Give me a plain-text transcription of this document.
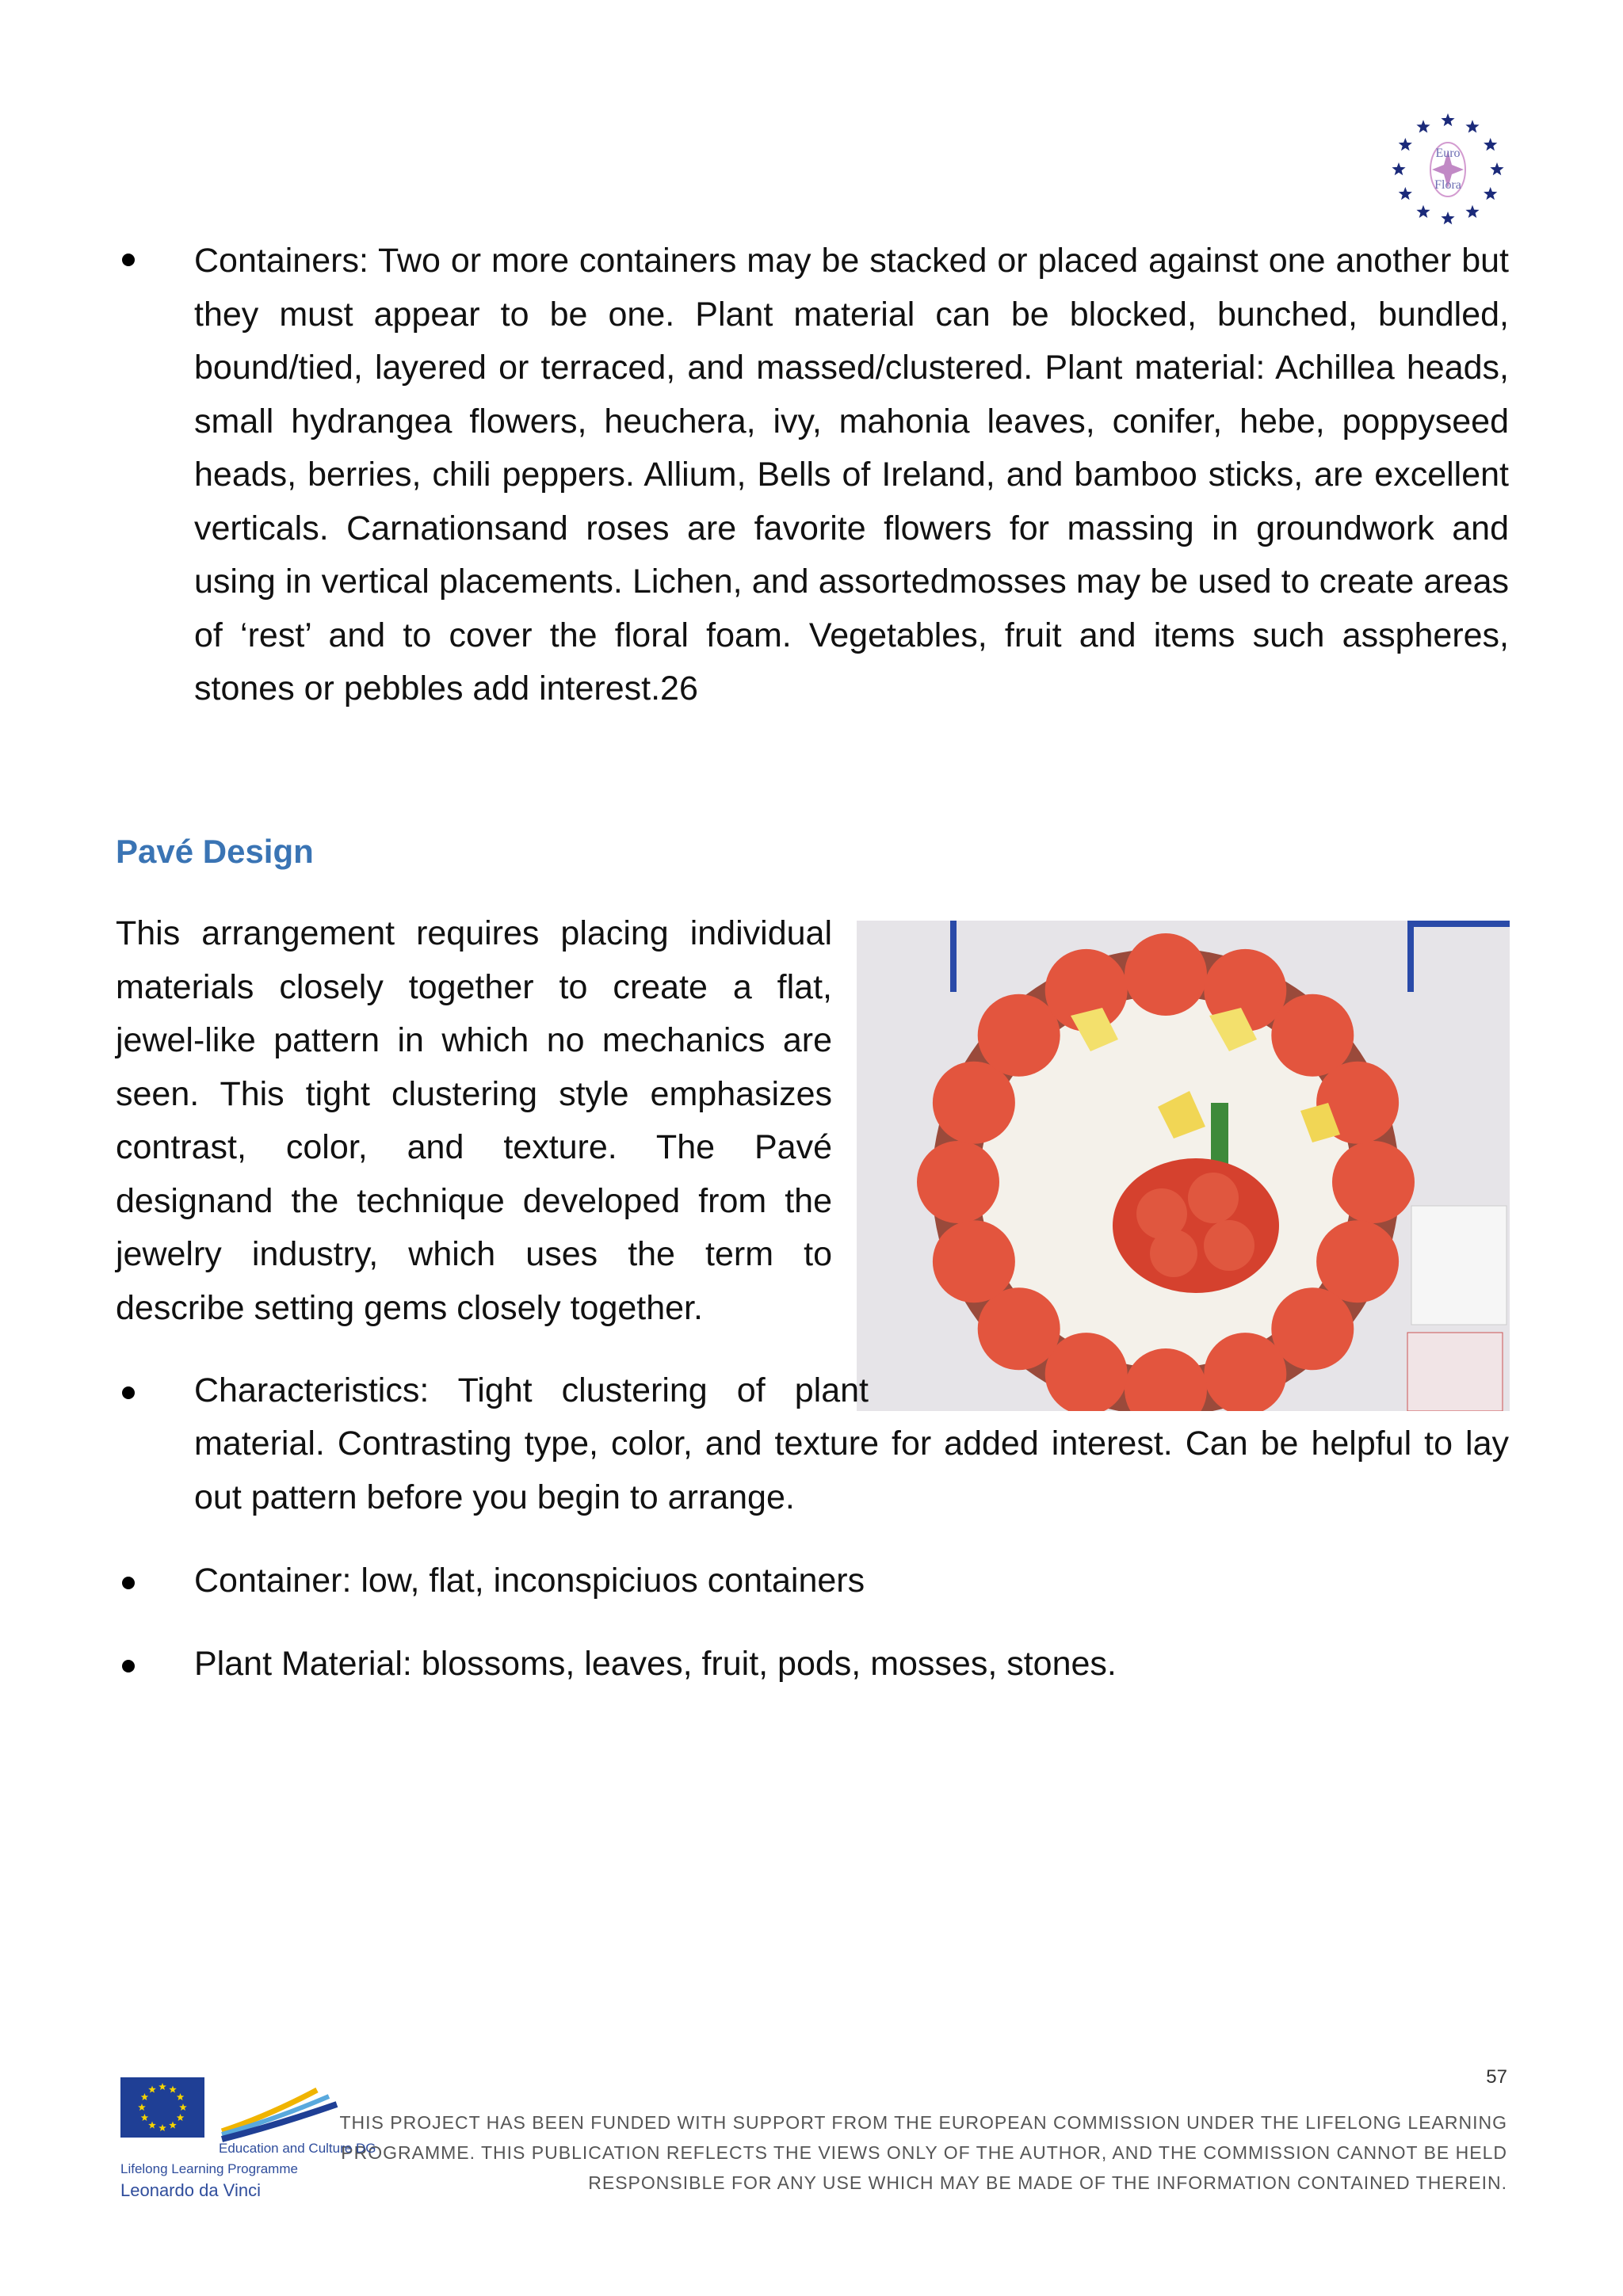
Euro
Flora
Containers: Two or more containers may be stacked or placed against one another but they must appear to be one. Plant material can be blocked, bunched, bundled, bound/tied, layered or terraced, and massed/clustered. Plant material: Achillea heads, small hydrangea flowers, heuchera, ivy, mahonia leaves, conifer, hebe, poppyseed heads, berries, chili peppers. Allium, Bells of Ireland, and bamboo sticks, are excellent verticals. Carnationsand roses are favorite flowers for massing in groundwork and using in vertical placements. Lichen, and assortedmosses may be used to create areas of ‘rest’ and to cover the floral foam. Vegetables, fruit and items such asspheres, stones or pebbles add interest.26
Pavé Design
This arrangement requires placing individual materials closely together to create a flat, jewel-like pattern in which no mechanics are seen. This tight clustering style emphasizes contrast, color, and texture. The Pavé designand the technique developed from the jewelry industry, which uses the term to describe setting gems closely together.
Characteristics: Tight clustering of plant
material. Contrasting type, color, and texture for added interest. Can be helpful to lay out pattern before you begin to arrange.
Container: low, flat, inconspiciuos containers
Plant Material: blossoms, leaves, fruit, pods, mosses, stones.
57
THIS PROJECT HAS BEEN FUNDED WITH SUPPORT FROM THE EUROPEAN COMMISSION UNDER THE LIFELONG LEARNING
PROGRAMME. THIS PUBLICATION REFLECTS THE VIEWS ONLY OF THE AUTHOR, AND THE COMMISSION CANNOT BE HELD
RESPONSIBLE FOR ANY USE WHICH MAY BE MADE OF THE INFORMATION CONTAINED THEREIN.
Education and Culture DG
Lifelong Learning Programme
Leonardo da Vinci
